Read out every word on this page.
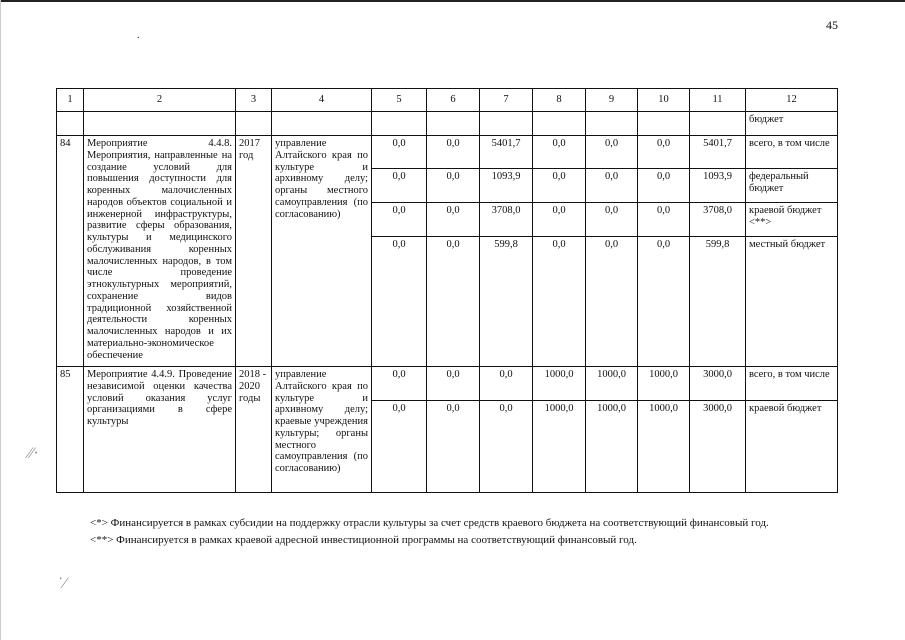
45
.
⁄⁄·
˙⁄
1	2	3	4	5	6	7	8	9	10	11	12
											бюджет
84	Мероприятие 4.4.8. Мероприятия, направленные на создание условий для повышения доступности для коренных малочисленных народов объектов социальной и инженерной инфраструктуры, развитие сферы образования, культуры и медицинского обслуживания коренных малочисленных народов, в том числе проведение этнокультурных мероприятий, сохранение видов традиционной хозяйственной деятельности коренных малочисленных народов и их материально-экономическое обеспечение	2017 год	управление Алтайского края по культуре и архивному делу; органы местного самоуправления (по согласованию)	0,0	0,0	5401,7	0,0	0,0	0,0	5401,7	всего, в том числе
				0,0	0,0	1093,9	0,0	0,0	0,0	1093,9	федеральный бюджет
				0,0	0,0	3708,0	0,0	0,0	0,0	3708,0	краевой бюджет <**>
				0,0	0,0	599,8	0,0	0,0	0,0	599,8	местный бюджет
85	Мероприятие 4.4.9. Проведение независимой оценки качества условий оказания услуг организациями в сфере культуры	2018 - 2020 годы	управление Алтайского края по культуре и архивному делу; краевые учреждения культуры; органы местного самоуправления (по согласованию)	0,0	0,0	0,0	1000,0	1000,0	1000,0	3000,0	всего, в том числе
				0,0	0,0	0,0	1000,0	1000,0	1000,0	3000,0	краевой бюджет
<*> Финансируется в рамках субсидии на поддержку отрасли культуры за счет средств краевого бюджета на соответствующий финансовый год.
<**> Финансируется в рамках краевой адресной инвестиционной программы на соответствующий финансовый год.
